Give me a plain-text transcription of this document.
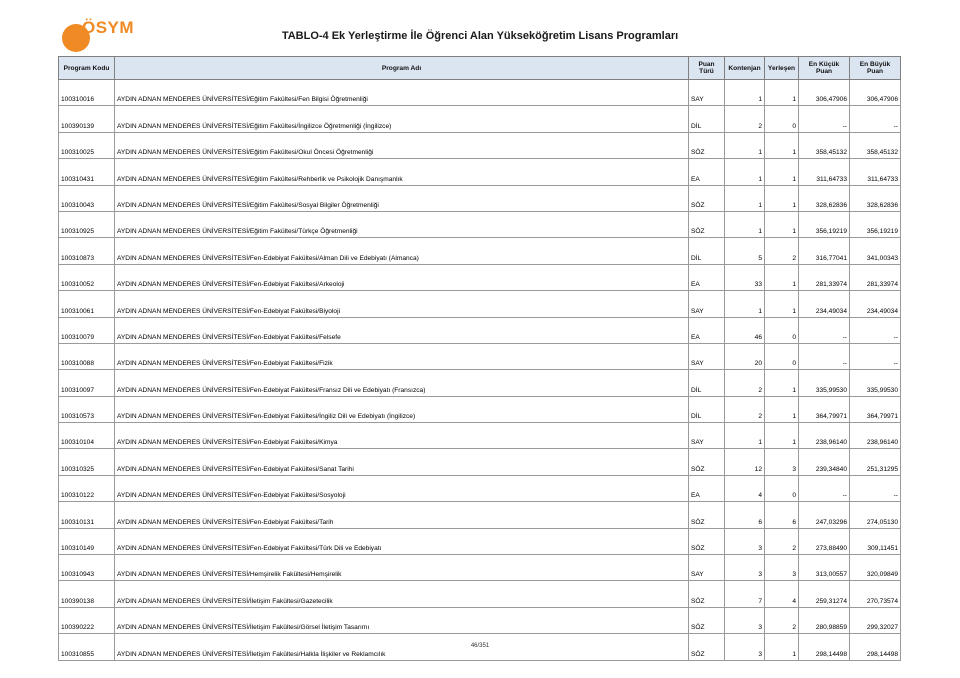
ÖSYM	TABLO-4 Ek Yerleştirme İle Öğrenci Alan Yükseköğretim Lisans Programları
Program Kodu	Program Adı	Puan Türü	Kontenjan	Yerleşen	En Küçük Puan	En Büyük Puan
100310016	AYDIN ADNAN MENDERES ÜNİVERSİTESİ/Eğitim Fakültesi/Fen Bilgisi Öğretmenliği	SAY	1	1	306,47906	306,47906
100390139	AYDIN ADNAN MENDERES ÜNİVERSİTESİ/Eğitim Fakültesi/İngilizce Öğretmenliği (İngilizce)	DİL	2	0	--	--
100310025	AYDIN ADNAN MENDERES ÜNİVERSİTESİ/Eğitim Fakültesi/Okul Öncesi Öğretmenliği	SÖZ	1	1	358,45132	358,45132
100310431	AYDIN ADNAN MENDERES ÜNİVERSİTESİ/Eğitim Fakültesi/Rehberlik ve Psikolojik Danışmanlık	EA	1	1	311,64733	311,64733
100310043	AYDIN ADNAN MENDERES ÜNİVERSİTESİ/Eğitim Fakültesi/Sosyal Bilgiler Öğretmenliği	SÖZ	1	1	328,62836	328,62836
100310925	AYDIN ADNAN MENDERES ÜNİVERSİTESİ/Eğitim Fakültesi/Türkçe Öğretmenliği	SÖZ	1	1	356,19219	356,19219
100310873	AYDIN ADNAN MENDERES ÜNİVERSİTESİ/Fen-Edebiyat Fakültesi/Alman Dili ve Edebiyatı (Almanca)	DİL	5	2	316,77041	341,00343
100310052	AYDIN ADNAN MENDERES ÜNİVERSİTESİ/Fen-Edebiyat Fakültesi/Arkeoloji	EA	33	1	281,33974	281,33974
100310061	AYDIN ADNAN MENDERES ÜNİVERSİTESİ/Fen-Edebiyat Fakültesi/Biyoloji	SAY	1	1	234,49034	234,49034
100310079	AYDIN ADNAN MENDERES ÜNİVERSİTESİ/Fen-Edebiyat Fakültesi/Felsefe	EA	46	0	--	--
100310088	AYDIN ADNAN MENDERES ÜNİVERSİTESİ/Fen-Edebiyat Fakültesi/Fizik	SAY	20	0	--	--
100310097	AYDIN ADNAN MENDERES ÜNİVERSİTESİ/Fen-Edebiyat Fakültesi/Fransız Dili ve Edebiyatı (Fransızca)	DİL	2	1	335,99530	335,99530
100310573	AYDIN ADNAN MENDERES ÜNİVERSİTESİ/Fen-Edebiyat Fakültesi/İngiliz Dili ve Edebiyatı (İngilizce)	DİL	2	1	364,79971	364,79971
100310104	AYDIN ADNAN MENDERES ÜNİVERSİTESİ/Fen-Edebiyat Fakültesi/Kimya	SAY	1	1	238,96140	238,96140
100310325	AYDIN ADNAN MENDERES ÜNİVERSİTESİ/Fen-Edebiyat Fakültesi/Sanat Tarihi	SÖZ	12	3	239,34840	251,31295
100310122	AYDIN ADNAN MENDERES ÜNİVERSİTESİ/Fen-Edebiyat Fakültesi/Sosyoloji	EA	4	0	--	--
100310131	AYDIN ADNAN MENDERES ÜNİVERSİTESİ/Fen-Edebiyat Fakültesi/Tarih	SÖZ	6	6	247,03296	274,05130
100310149	AYDIN ADNAN MENDERES ÜNİVERSİTESİ/Fen-Edebiyat Fakültesi/Türk Dili ve Edebiyatı	SÖZ	3	2	273,88490	309,11451
100310943	AYDIN ADNAN MENDERES ÜNİVERSİTESİ/Hemşirelik Fakültesi/Hemşirelik	SAY	3	3	313,00557	320,09849
100390138	AYDIN ADNAN MENDERES ÜNİVERSİTESİ/İletişim Fakültesi/Gazetecilik	SÖZ	7	4	259,31274	270,73574
100390222	AYDIN ADNAN MENDERES ÜNİVERSİTESİ/İletişim Fakültesi/Görsel İletişim Tasarımı	SÖZ	3	2	280,98859	299,32027
100310855	AYDIN ADNAN MENDERES ÜNİVERSİTESİ/İletişim Fakültesi/Halkla İlişkiler ve Reklamcılık	SÖZ	3	1	298,14498	298,14498
46/351
